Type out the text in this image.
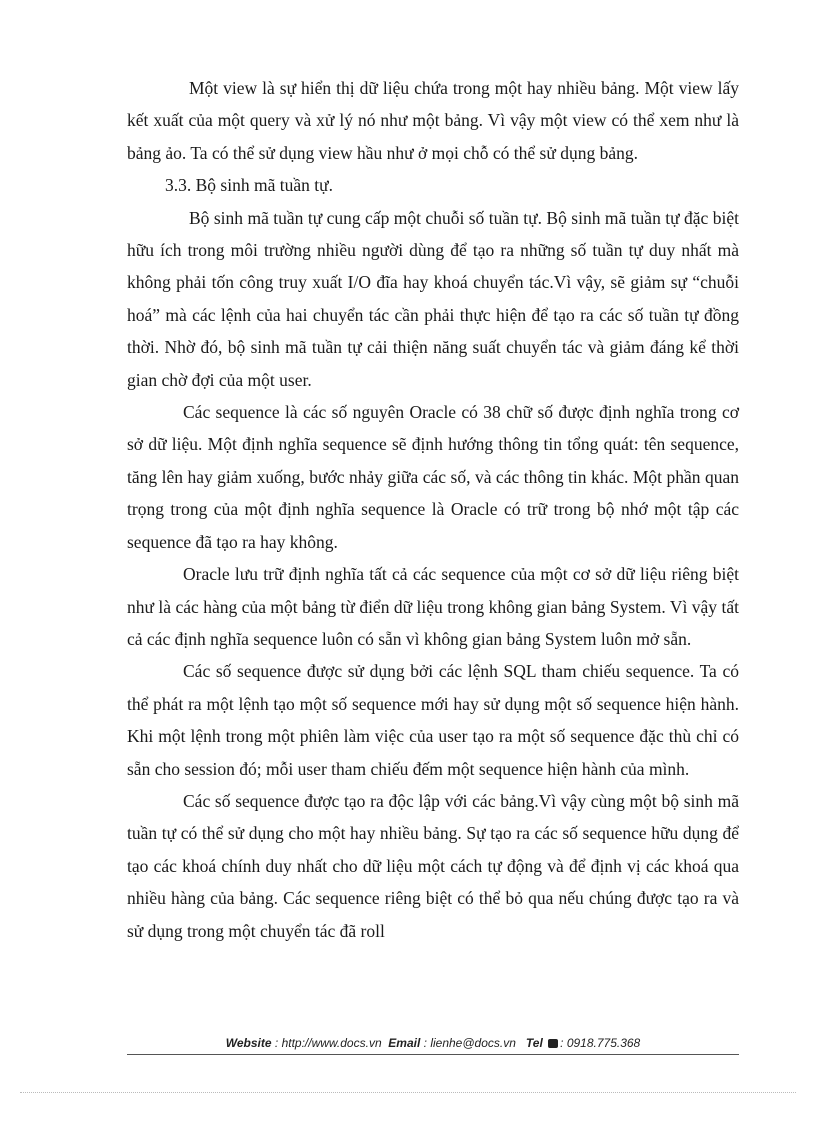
Một view là sự hiển thị dữ liệu chứa trong một hay nhiều bảng. Một view lấy kết xuất của một query và xử lý nó như một bảng. Vì vậy một view có thể xem như là bảng ảo. Ta có thể sử dụng view hầu như ở mọi chỗ có thể sử dụng bảng.

3.3. Bộ sinh mã tuần tự.

Bộ sinh mã tuần tự cung cấp một chuỗi số tuần tự. Bộ sinh mã tuần tự đặc biệt hữu ích trong môi trường nhiều người dùng để tạo ra những số tuần tự duy nhất mà không phải tốn công truy xuất I/O đĩa hay khoá chuyển tác.Vì vậy, sẽ giảm sự “chuỗi hoá” mà các lệnh của hai chuyển tác cần phải thực hiện để tạo ra các số tuần tự đồng thời. Nhờ đó, bộ sinh mã tuần tự cải thiện năng suất chuyển tác và giảm đáng kể thời gian chờ đợi của một user.

Các sequence là các số nguyên Oracle có 38 chữ số được định nghĩa trong cơ sở dữ liệu. Một định nghĩa sequence sẽ định hướng thông tin tổng quát: tên sequence, tăng lên hay giảm xuống, bước nhảy giữa các số, và các thông tin khác. Một phần quan trọng trong của một định nghĩa sequence là Oracle có trữ trong bộ nhớ một tập các sequence đã tạo ra hay không.

Oracle lưu trữ định nghĩa tất cả các sequence của một cơ sở dữ liệu riêng biệt như là các hàng của một bảng từ điển dữ liệu trong không gian bảng System. Vì vậy tất cả các định nghĩa sequence luôn có sẵn vì không gian bảng System luôn mở sẵn.

Các số sequence được sử dụng bởi các lệnh SQL tham chiếu sequence. Ta có thể phát ra một lệnh tạo một số sequence mới hay sử dụng một số sequence hiện hành. Khi một lệnh trong một phiên làm việc của user tạo ra một số sequence đặc thù chỉ có sẵn cho session đó; mỗi user tham chiếu đếm một sequence hiện hành của mình.

Các số sequence được tạo ra độc lập với các bảng.Vì vậy cùng một bộ sinh mã tuần tự có thể sử dụng cho một hay nhiều bảng. Sự tạo ra các số sequence hữu dụng để tạo các khoá chính duy nhất cho dữ liệu một cách tự động và để định vị các khoá qua nhiều hàng của bảng. Các sequence riêng biệt có thể bỏ qua nếu chúng được tạo ra và sử dụng trong một chuyển tác đã roll

Website : http://www.docs.vn Email : lienhe@docs.vn Tel : 0918.775.368
